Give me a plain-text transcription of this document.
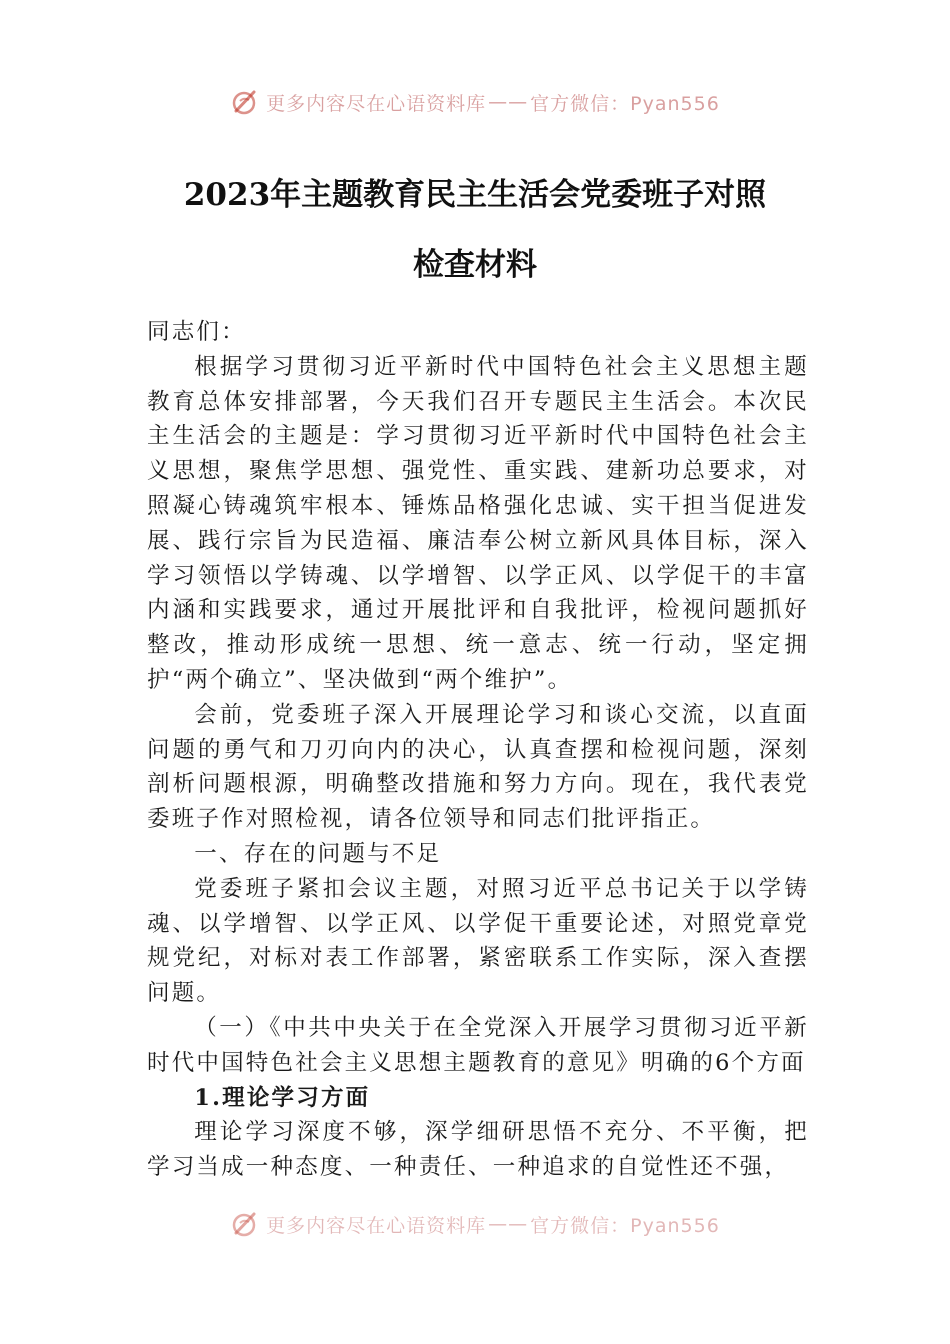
更多内容尽在心语资料库 —— 官方微信：Pyan556
2023年主题教育民主生活会党委班子对照
检查材料

同志们：

根据学习贯彻习近平新时代中国特色社会主义思想主题教育总体安排部署，今天我们召开专题民主生活会。本次民主生活会的主题是：学习贯彻习近平新时代中国特色社会主义思想，聚焦学思想、强党性、重实践、建新功总要求，对照凝心铸魂筑牢根本、锤炼品格强化忠诚、实干担当促进发展、践行宗旨为民造福、廉洁奉公树立新风具体目标，深入学习领悟以学铸魂、以学增智、以学正风、以学促干的丰富内涵和实践要求，通过开展批评和自我批评，检视问题抓好整改，推动形成统一思想、统一意志、统一行动，坚定拥护“两个确立”、坚决做到“两个维护”。

会前，党委班子深入开展理论学习和谈心交流，以直面问题的勇气和刀刃向内的决心，认真查摆和检视问题，深刻剖析问题根源，明确整改措施和努力方向。现在，我代表党委班子作对照检视，请各位领导和同志们批评指正。

一、存在的问题与不足

党委班子紧扣会议主题，对照习近平总书记关于以学铸魂、以学增智、以学正风、以学促干重要论述，对照党章党规党纪，对标对表工作部署，紧密联系工作实际，深入查摆问题。

（一）《中共中央关于在全党深入开展学习贯彻习近平新时代中国特色社会主义思想主题教育的意见》明确的6个方面

1.理论学习方面

理论学习深度不够，深学细研思悟不充分、不平衡，把学习当成一种态度、一种责任、一种追求的自觉性还不强，

更多内容尽在心语资料库 —— 官方微信：Pyan556
